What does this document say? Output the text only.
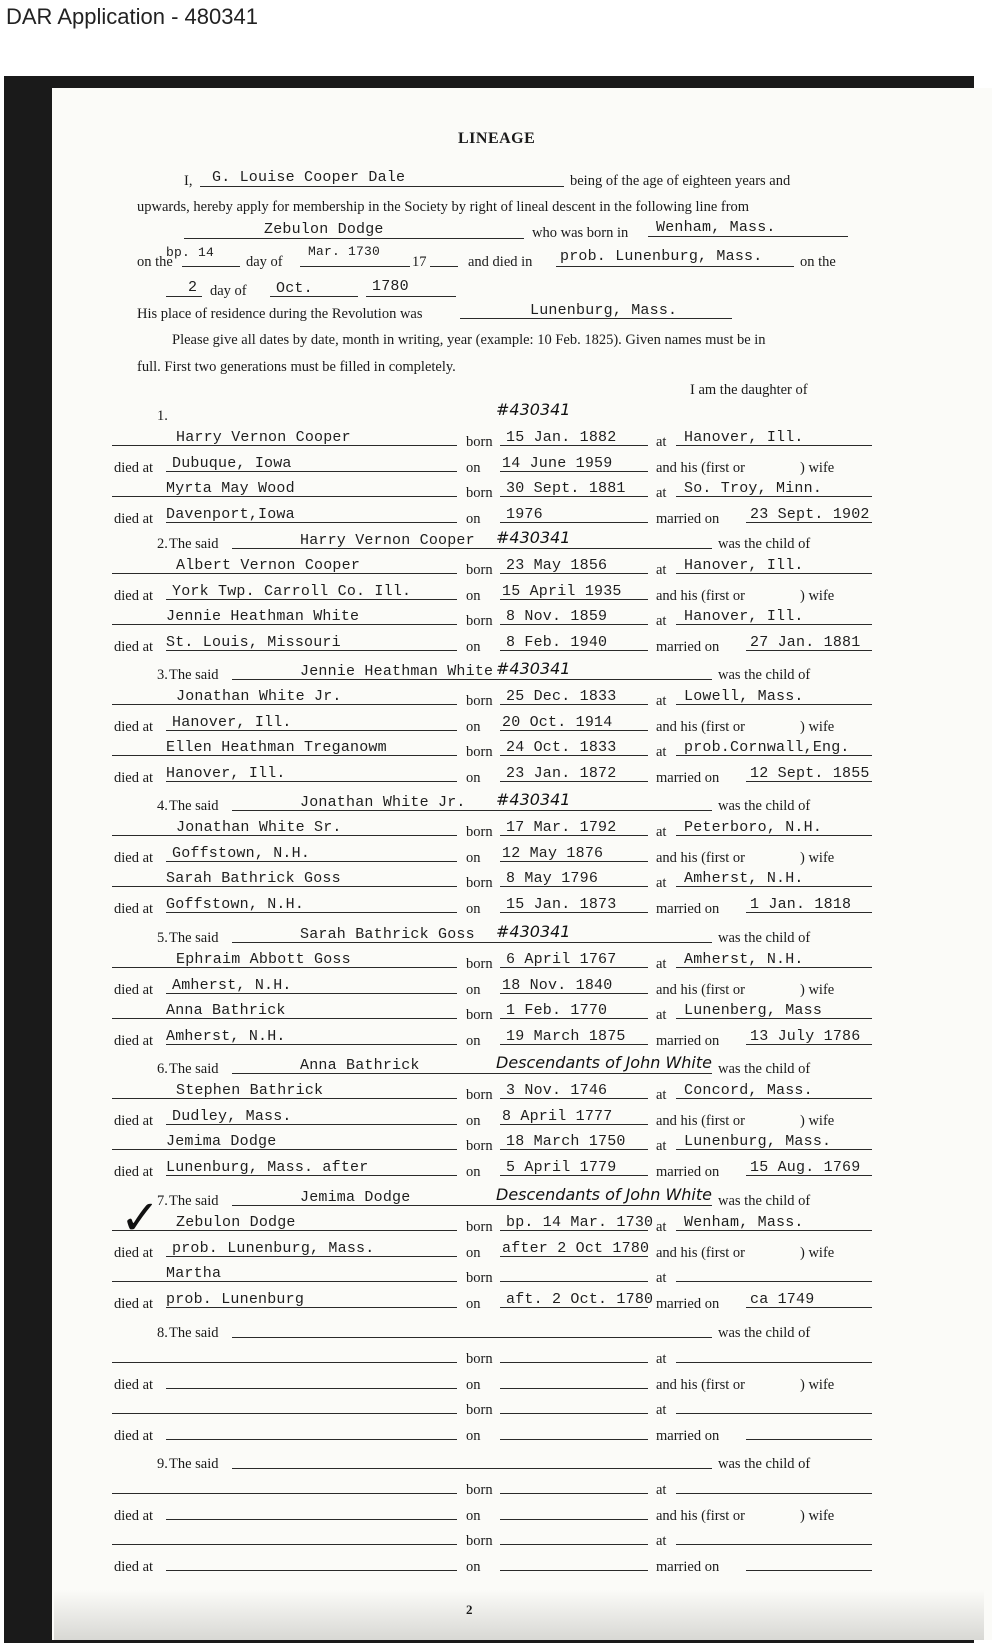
DAR Application - 480341
LINEAGE
I, G. Louise Cooper Dale	being of the age of eighteen years and
upwards, hereby apply for membership in the Society by right of lineal descent in the following line from
Zebulon Dodge	who was born in Wenham, Mass.
on the
bp. 14
day of
Mar. 1730
17	and died in prob. Lunenburg, Mass.	on the
2 day of Oct.	1780
His place of residence during the Revolution was	Lunenburg, Mass.
Please give all dates by date, month in writing, year (example: 10 Feb. 1825). Given names must be in
full. First two generations must be filled in completely.
I am the daughter of
1.	#430341
Harry Vernon Cooper	born 15 Jan. 1882	at Hanover, Ill.
died at Dubuque, Iowa	on 14 June 1959	and his (first or	) wife
Myrta May Wood	born 30 Sept. 1881 at So. Troy, Minn.
died at Davenport,Iowa	on 1976	married on 23 Sept. 1902
2. The said	Harry Vernon Cooper	was the child of
#430341
Albert Vernon Cooper	born 23 May 1856	at Hanover, Ill.
died at York Twp. Carroll Co. Ill.	on 15 April 1935 and his (first or	) wife
Jennie Heathman White	born 8 Nov. 1859	at Hanover, Ill.
died at St. Louis, Missouri	on 8 Feb. 1940	married on 27 Jan. 1881
3. The said	Jennie Heathman White	was the child of
#430341
Jonathan White Jr.	born 25 Dec. 1833	at Lowell, Mass.
died at Hanover, Ill.	on 20 Oct. 1914	and his (first or	) wife
Ellen Heathman Treganowm	born 24 Oct. 1833	at prob.Cornwall,Eng.
died at Hanover, Ill.	on 23 Jan. 1872	married on 12 Sept. 1855
4. The said	Jonathan White Jr.	was the child of
#430341
Jonathan White Sr.	born 17 Mar. 1792	at Peterboro, N.H.
died at Goffstown, N.H.	on 12 May 1876	and his (first or	) wife
Sarah Bathrick Goss	born 8 May 1796	at Amherst, N.H.
died at Goffstown, N.H.	on 15 Jan. 1873	married on 1 Jan. 1818
5. The said	Sarah Bathrick Goss	was the child of
#430341
Ephraim Abbott Goss	born 6 April 1767	at Amherst, N.H.
died at Amherst, N.H.	on 18 Nov. 1840	and his (first or	) wife
Anna Bathrick	born 1 Feb. 1770	at Lunenberg, Mass
died at Amherst, N.H.	on 19 March 1875 married on 13 July 1786
6. The said	Anna Bathrick	was the child of
Descendants of John White
Stephen Bathrick	born 3 Nov. 1746	at Concord, Mass.
died at Dudley, Mass.	on 8 April 1777	and his (first or	) wife
Jemima Dodge	born 18 March 1750 at Lunenburg, Mass.
died at Lunenburg, Mass. after	on 5 April 1779	married on 15 Aug. 1769
7. The said	Jemima Dodge	was the child of
Descendants of John White
Zebulon Dodge	born bp. 14 Mar. 1730 at Wenham, Mass.
died at prob. Lunenburg, Mass.	on after 2 Oct 1780 and his (first or	) wife
Martha	born	at
died at prob. Lunenburg	on aft. 2 Oct. 1780 married on ca 1749
8. The said	was the child of
born	at
died at	on	and his (first or	) wife
born	at
died at	on	married on
9. The said	was the child of
born	at
died at	on	and his (first or	) wife
born	at
died at	on	married on
✓
2
